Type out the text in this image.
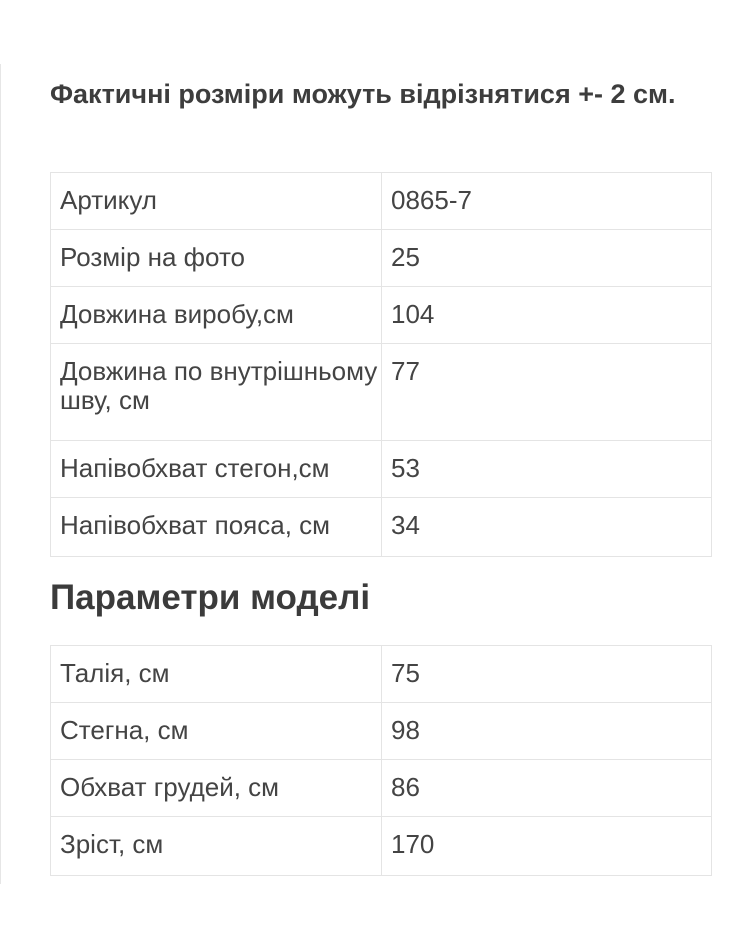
Фактичні розміри можуть відрізнятися +- 2 см.

Артикул	0865-7
Розмір на фото	25
Довжина виробу,см	104
Довжина по внутрішньому шву, см	77
Напівобхват стегон,см	53
Напівобхват пояса, см	34
Параметри моделі
Талія, см	75
Стегна, см	98
Обхват грудей, см	86
Зріст, см	170
